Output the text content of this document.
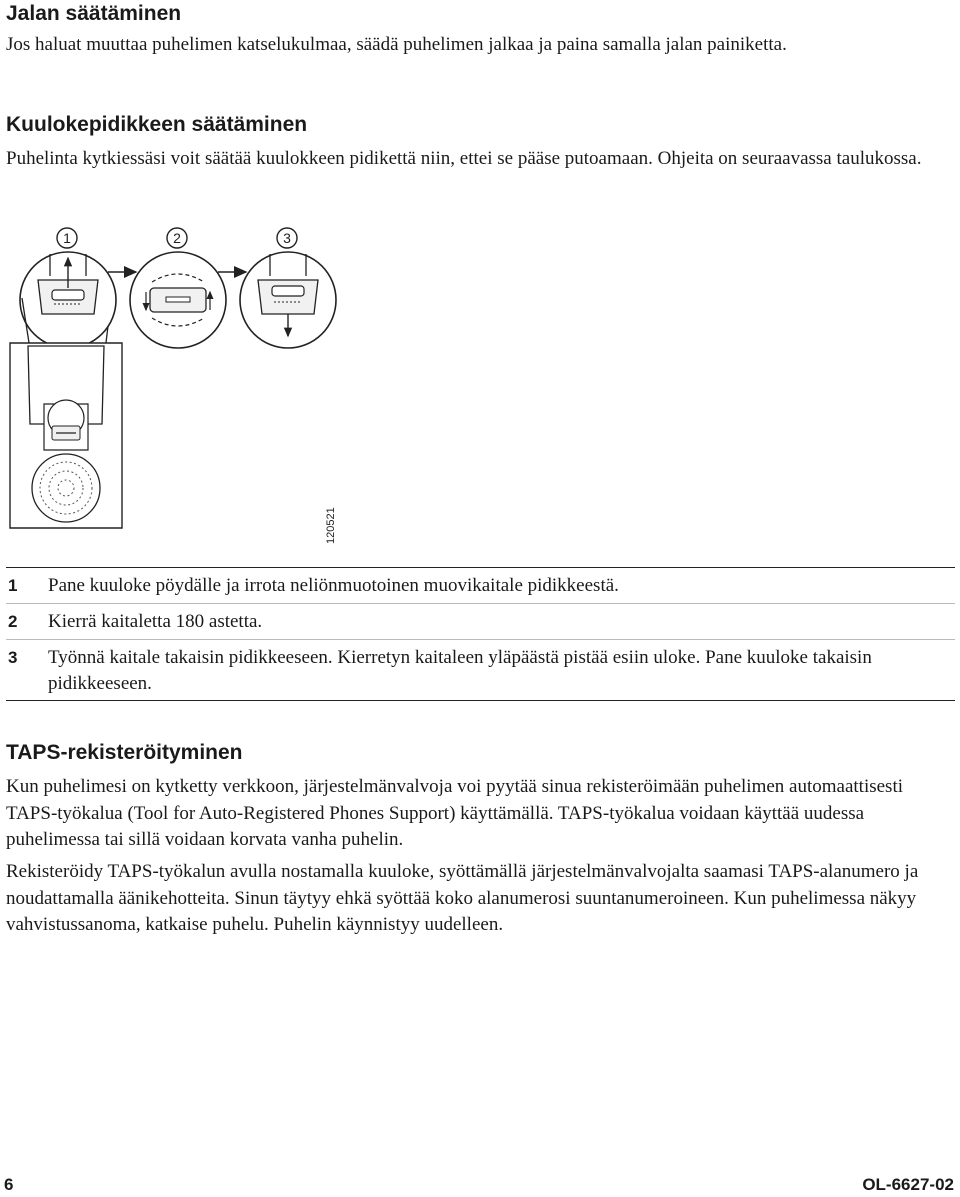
Jalan säätäminen

Jos haluat muuttaa puhelimen katselukulmaa, säädä puhelimen jalkaa ja paina samalla jalan painiketta.

Kuulokepidikkeen säätäminen

Puhelinta kytkiessäsi voit säätää kuulokkeen pidikettä niin, ettei se pääse putoamaan. Ohjeita on seuraavassa taulukossa.

1	2	3
120521
1	Pane kuuloke pöydälle ja irrota neliönmuotoinen muovikaitale pidikkeestä.
2	Kierrä kaitaletta 180 astetta.
3	Työnnä kaitale takaisin pidikkeeseen. Kierretyn kaitaleen yläpäästä pistää esiin uloke. Pane kuuloke takaisin pidikkeeseen.
TAPS-rekisteröityminen

Kun puhelimesi on kytketty verkkoon, järjestelmänvalvoja voi pyytää sinua rekisteröimään puhelimen automaattisesti TAPS-työkalua (Tool for Auto-Registered Phones Support) käyttämällä. TAPS-työkalua voidaan käyttää uudessa puhelimessa tai sillä voidaan korvata vanha puhelin.

Rekisteröidy TAPS-työkalun avulla nostamalla kuuloke, syöttämällä järjestelmänvalvojalta saamasi TAPS-alanumero ja noudattamalla äänikehotteita. Sinun täytyy ehkä syöttää koko alanumerosi suuntanumeroineen. Kun puhelimessa näkyy vahvistussanoma, katkaise puhelu. Puhelin käynnistyy uudelleen.

6	OL-6627-02
